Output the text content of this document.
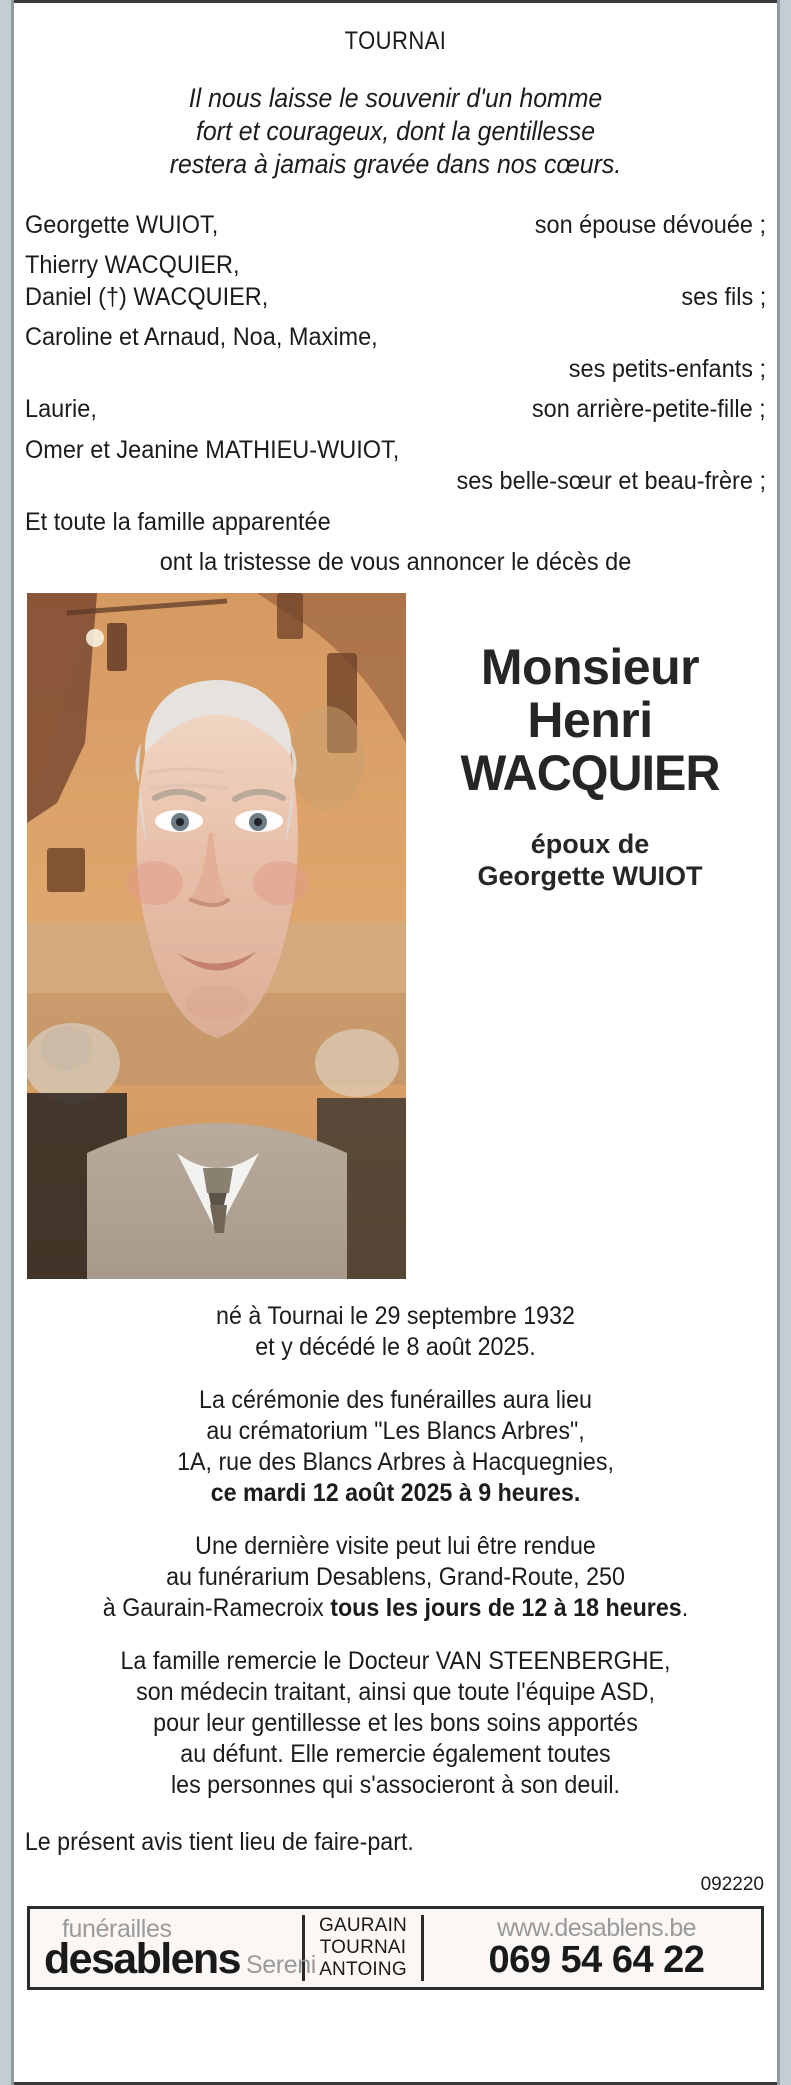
TOURNAI
Il nous laisse le souvenir d'un homme
fort et courageux, dont la gentillesse
restera à jamais gravée dans nos cœurs.
Georgette WUIOT,	son épouse dévouée ;
Thierry WACQUIER,
Daniel (†) WACQUIER,	ses fils ;
Caroline et Arnaud, Noa, Maxime,
ses petits-enfants ;
Laurie,	son arrière-petite-fille ;
Omer et Jeanine MATHIEU-WUIOT,
ses belle-sœur et beau-frère ;
Et toute la famille apparentée
ont la tristesse de vous annoncer le décès de
Monsieur
Henri
WACQUIER
époux de
Georgette WUIOT
né à Tournai le 29 septembre 1932
et y décédé le 8 août 2025.
La cérémonie des funérailles aura lieu
au crématorium "Les Blancs Arbres",
1A, rue des Blancs Arbres à Hacquegnies,
ce mardi 12 août 2025 à 9 heures.
Une dernière visite peut lui être rendue
au funérarium Desablens, Grand-Route, 250
à Gaurain-Ramecroix tous les jours de 12 à 18 heures.
La famille remercie le Docteur VAN STEENBERGHE,
son médecin traitant, ainsi que toute l'équipe ASD,
pour leur gentillesse et les bons soins apportés
au défunt. Elle remercie également toutes
les personnes qui s'associeront à son deuil.
Le présent avis tient lieu de faire-part.
092220
funérailles
desablens Sereni
GAURAIN
TOURNAI
ANTOING
www.desablens.be
069 54 64 22
